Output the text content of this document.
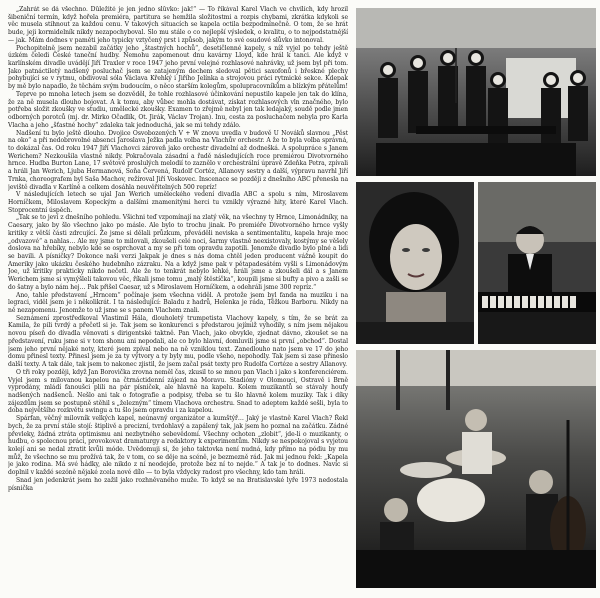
„Zahrát se dá všechno. Důležité je jen jedno slůvko: jak!“ — To říkával Karel Vlach ve chvílích, kdy hrozil šibeniční termín, když hořela premiéra, partitura se hemžila složitostmi a rozpis chybami, zkrátka kdykoli se věc musela stihnout za každou cenu. V takových situacích se kapela octila bezpodmínečně. O tom, že se hrát bude, jeji kormidelník nikdy nezapochyboval. Slo mu stále o co nejlepší výsledek, o kvalitu, o to nejpodstatnější — jak. Mám dodnes v paměti jeho typicky vztyčený prst i způsob, jakým to své osudové slůvko intonoval.

Pochopitelně jsem nezabil začátky jeho „štastných hochů“, desetičlenné kapely, s níž vyjel po tehdy ještě úzkém čeledi České taneční hudby. Nemohu zapomenout dnu kavárny Lloyd, kde hrál k tanci. Ale když v karlínském divadle uvádějí Jiří Traxler v roce 1947 jeho první velejné rozhlasové nahrávky, už jsem byl při tom. Jako patnáctiletý nadšený posluchač jsem se zatajeným dechem sledoval pětici saxofonů i břeskné plechy pohybující se v rytmu, obdivoval sóla Václava Křehký i Jiřího Jelínka a strojovou práci rytmické sekce. Kdepak by mě bylo napadlo, že těchám svým budoucím, o něco starším kolegům, spolupracovníkům a blízkým přátelům!

Teprve po mnoha letech jsem se dozvěděl, že tohle rozhlasové účinkování nepustilo kapele jen tak do klína, že za ně musela dlouho bojovat. A k tomu, aby vůbec mohla dostávat, získat rozhlasových vln značného, bylo potřeba složit zkoušky ve studiu, umělecké zkoušky. Examen to zřejmě nebyl jen tak ledajaký, soudě podle jmen odborných porotců (mj. dr. Mirko Očadlík, Ot. Jirák, Václav Trojan). Inu, cesta za posluchačem nebyla pro Karla Vlacha a jeho „šťastné hochy“ zdaleka tak jednoduchá, jak se mi tehdy zdálo.

Nadšení tu bylo ještě dlouho. Dvojice Osvobozených V + W znovu uvedla v budově U Nováků slavnou „Pěst na oko“ a při nedobrovolné absenci Jaroslava Ježka padla volba na Vlachův orchestr. A že to byla volba správná, to dokázal čas. Od roku 1947 Jiří Vlachovci zároveň jako orchestr divadelní až dodnešká. A spolupráce s Janem Werichem? Nezkoušila vlastně nikdy. Pokračovala zásadní a řadě následujících roce premiérou Divotvorného hrnce. Hudba Burton Lane, 17 světově proslulých melodií to zaznělo v orchestrální úpravě Zdeňka Petra, zpívali a hráli Jan Werich, Ljuba Hermanová, Soňa Červená, Rudolf Cortéz, Allanovy sestry a další, výpravu navrhl Jiří Trnka, choreografem byl Saša Machov, režíroval Jiří Voskovec. Inscenace se později z dnešního ABC přenesla na jeviště divadla v Karlíně a celkem dosáhla neuvěřitelných 500 repríz!

V následujících letech se ujal Jan Werich uměleckého vedení divadla ABC a spolu s ním, Miroslavem Horníčkem, Miloslavem Kopeckým a dalšími znamenitými herci tu vznikly výrazné hity, které Karel Vlach. Stoprocentní úspěch.

„Tak se to jeví z dnešního pohledu. Všichni teď vzpomínají na zlatý věk, na všechny ty Hrnce, Limonádníky, na Caesary, jako by šlo všechno jako po másle. Ale bylo to trochu jinak. Po premiéře Divotvorného hrnce vyšly kritiky z větší části zdrcující. Že jsme si dělali průzkum, převáděli neviska a sentimentalitu, kapela hraje moc „odvazové“ a nahlas… Ale my jsme to milovali, zkoušeli celé noci, šarmy vlastně neexistovaly, kostýmy se věšely doslova na hřebíky, nebylo kde se osprchovat a my se při tom opravdu zapotili. Jenomže divadlo bylo plné a lidi se bavili. A písničky? Dokonce naši verzi Jakpak je dnes s nás doma chtěl jeden producent vážně koupit do Ameriky jako ukázku českého hudebního zázraku. Na a když jsme pak v pětapadesátém vyšli s Limonádovým Joe, už kritiky prakticky nikdo nečetl. Ale že to tenkrát nebylo lehké, hráli jsme a zkoušeli dál a s Janem Werichem jsme si vymýšleli takovou věc, říkali jsme tomu „malý štěstíčka“, koupili jsme si bufty a pivo a zašli se do šatny a bylo nám hej… Pak přišel Caesar, už s Miroslavem Horníčkem, a odehráli jsme 300 repríz.“

Ano, tahle představení „Hrncem“ počínaje jsem všechna viděl. A protože jsem byl fanda na muziku i na legraci, viděl jsem je i několikrát. I ta následující: Baladu z hadrů, Helenka je ráda, Těžkou Barboru. Nikdy na ně nezapomenu. Jenomže to už jsme se s panem Vlachem znali.

Seznámení zprostředkoval Vlastimil Hála, dlouholetý trumpetista Vlachovy kapely, s tím, že se brát za Kamila, že pili tvrdý a přečetl si je. Tak jsem se konkurenci s předstarou jejímiž vyhodily, s ním jsem nějakou novou píseň do dívadla věnovati s dirigentské taktně. Pan Vlach, jako obvykle, zjednat dávno, zkoušet se na představení, ruku jsme si v tom shonu ani nepodali, ale co bylo hlavní, domluvili jsme si první „obchod“. Dostal jsem jeho první nějaké noty, které jsem zpíval nebo na ně vzniklou text. Zanedlouho nato jsem ve 17 do jeho domu přinesl texty. Přinesl jsem je za ty výtvory a ty byly mu, podle všeho, nepohodly. Tak jsem si zase přineslo další texty. A tak dále, tak jsem to nakonec zjistil, že jsem začal psát texty pro Rudolfa Cortéze a sestry Allanovy.

O tři roky později, když Jan Borovička zrovna neměl čas, zkusil to se mnou pan Vlach i jako s konferenciérem. Vyjel jsem s milovanou kapelou na čtrnáctidenní zájezd na Moravu. Stadióny v Olomouci, Ostravě i Brně vyprodány, mládí fanoušci plili na pár písniček, ale hlavně na kapelu. Kolem muzikantů se stávaly houfy nadšených nadšenců. Nešlo ani tak o fotografie a podpisy, třeba se tu šlo hlavně kolem muziky. Tak i díky zájezdům jsem se postupně stěhil s „železným“ tímem Vlachova orchestru. Snad to adeptem každé sešli, byla to doba největšího rozkvětu swingu a tu šlo jsem opravdu i za kapelou.

Spárfan, věčný milovník velkých kapel, neúnavný organizátor a kumštýř… Jaký je vlastně Karel Vlach? Řekl bych, že za první stále stojí: štiplivě a precizní, tvrdohlavý a zapálený tak, jak jsem ho poznal na začátku. Zádné převleky, žádná ztráta optimismu ani nezbytného sebevědomí. Všechny ochoten „zlobit“, jde-li o muzikanty, o hudbu, o spolecnou práci, provokovat dramaturgy a redaktory k experimentům. Nikdy se nespokojoval s vyjetou kolejí ani se nedal ztratit kvůli móde. Uvědomuji si, že jeho taktovka není nudná, kdy přímo na pódiu by mu můž, že všechno se mu prožívá tak, že v tom, co se děje na scéně, je bezmezně rád. Jak mi jednou řekl: „Kapela je jako rodina. Má své hádky, ale nikdo z ní neodejde, protože bez ní to nejde.“ A tak je to dodnes. Navíc si doplnil v každé sezóně nějaké zcela nové dílo — to byla vždycky radost pro všechny, kdo tam hráli.

Snad jen jedenkrát jsem ho zažil jako rozhněvaného muže. To když se na Bratislavské lyře 1973 nedostala písnička
